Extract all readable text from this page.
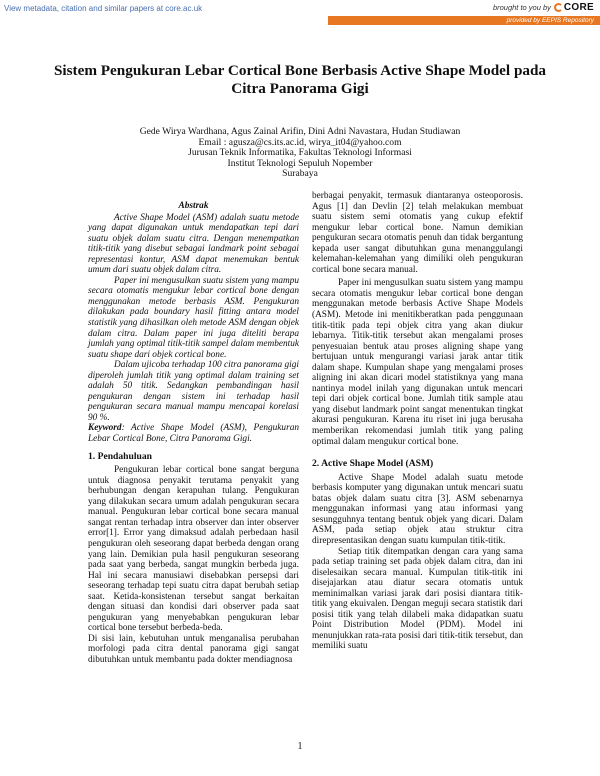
View metadata, citation and similar papers at core.ac.uk	brought to you by CORE
provided by EEPIS Repository
Sistem Pengukuran Lebar Cortical Bone Berbasis Active Shape Model pada Citra Panorama Gigi
Gede Wirya Wardhana, Agus Zainal Arifin, Dini Adni Navastara, Hudan Studiawan
Email : agusza@cs.its.ac.id, wirya_it04@yahoo.com
Jurusan Teknik Informatika, Fakultas Teknologi Informasi
Institut Teknologi Sepuluh Nopember
Surabaya
Abstrak

Active Shape Model (ASM) adalah suatu metode yang dapat digunakan untuk mendapatkan tepi dari suatu objek dalam suatu citra. Dengan menempatkan titik-titik yang disebut sebagai landmark point sebagai representasi kontur, ASM dapat menemukan bentuk umum dari suatu objek dalam citra.

Paper ini mengusulkan suatu sistem yang mampu secara otomatis mengukur lebar cortical bone dengan menggunakan metode berbasis ASM. Pengukuran dilakukan pada boundary hasil fitting antara model statistik yang dihasilkan oleh metode ASM dengan objek dalam citra. Dalam paper ini juga diteliti berapa jumlah yang optimal titik-titik sampel dalam membentuk suatu shape dari objek cortical bone.

Dalam ujicoba terhadap 100 citra panorama gigi diperoleh jumlah titik yang optimal dalam training set adalah 50 titik. Sedangkan pembandingan hasil pengukuran dengan sistem ini terhadap hasil pengukuran secara manual mampu mencapai korelasi 90 %.

Keyword: Active Shape Model (ASM), Pengukuran Lebar Cortical Bone, Citra Panorama Gigi.

1. Pendahuluan

Pengukuran lebar cortical bone sangat berguna untuk diagnosa penyakit terutama penyakit yang berhubungan dengan kerapuhan tulang. Pengukuran yang dilakukan secara umum adalah pengukuran secara manual. Pengukuran lebar cortical bone secara manual sangat rentan terhadap intra observer dan inter observer error[1]. Error yang dimaksud adalah perbedaan hasil pengukuran oleh seseorang dapat berbeda dengan orang yang lain. Demikian pula hasil pengukuran seseorang pada saat yang berbeda, sangat mungkin berbeda juga. Hal ini secara manusiawi disebabkan persepsi dari seseorang terhadap tepi suatu citra dapat berubah setiap saat. Ketida-konsistenan tersebut sangat berkaitan dengan situasi dan kondisi dari observer pada saat pengukuran yang menyebabkan pengukuran lebar cortical bone tersebut berbeda-beda.

Di sisi lain, kebutuhan untuk menganalisa perubahan morfologi pada citra dental panorama gigi sangat dibutuhkan untuk membantu pada dokter mendiagnosa

berbagai penyakit, termasuk diantaranya osteoporosis. Agus [1] dan Devlin [2] telah melakukan membuat suatu sistem semi otomatis yang cukup efektif mengukur lebar cortical bone. Namun demikian pengukuran secara otomatis penuh dan tidak bergantung kepada user sangat dibutuhkan guna menanggulangi kelemahan-kelemahan yang dimiliki oleh pengukuran cortical bone secara manual.

Paper ini mengusulkan suatu sistem yang mampu secara otomatis mengukur lebar cortical bone dengan menggunakan metode berbasis Active Shape Models (ASM). Metode ini menitikberatkan pada penggunaan titik-titik pada tepi objek citra yang akan diukur lebarnya. Titik-titik tersebut akan mengalami proses penyesuaian bentuk atau proses aligning shape yang bertujuan untuk mengurangi variasi jarak antar titik dalam shape. Kumpulan shape yang mengalami proses aligning ini akan dicari model statistiknya yang mana nantinya model inilah yang digunakan untuk mencari tepi dari objek cortical bone. Jumlah titik sample atau yang disebut landmark point sangat menentukan tingkat akurasi pengukuran. Karena itu riset ini juga berusaha memberikan rekomendasi jumlah titik yang paling optimal dalam mengukur cortical bone.

2. Active Shape Model (ASM)

Active Shape Model adalah suatu metode berbasis komputer yang digunakan untuk mencari suatu batas objek dalam suatu citra [3]. ASM sebenarnya menggunakan informasi yang atau informasi yang sesungguhnya tentang bentuk objek yang dicari. Dalam ASM, pada setiap objek atau struktur citra direpresentasikan dengan suatu kumpulan titik-titik.

Setiap titik ditempatkan dengan cara yang sama pada setiap training set pada objek dalam citra, dan ini diselesaikan secara manual. Kumpulan titik-titik ini disejajarkan atau diatur secara otomatis untuk meminimalkan variasi jarak dari posisi diantara titik-titik yang ekuivalen. Dengan meguji secara statistik dari posisi titik yang telah dilabeli maka didapatkan suatu Point Distribution Model (PDM). Model ini menunjukkan rata-rata posisi dari titik-titik tersebut, dan memiliki suatu

1
